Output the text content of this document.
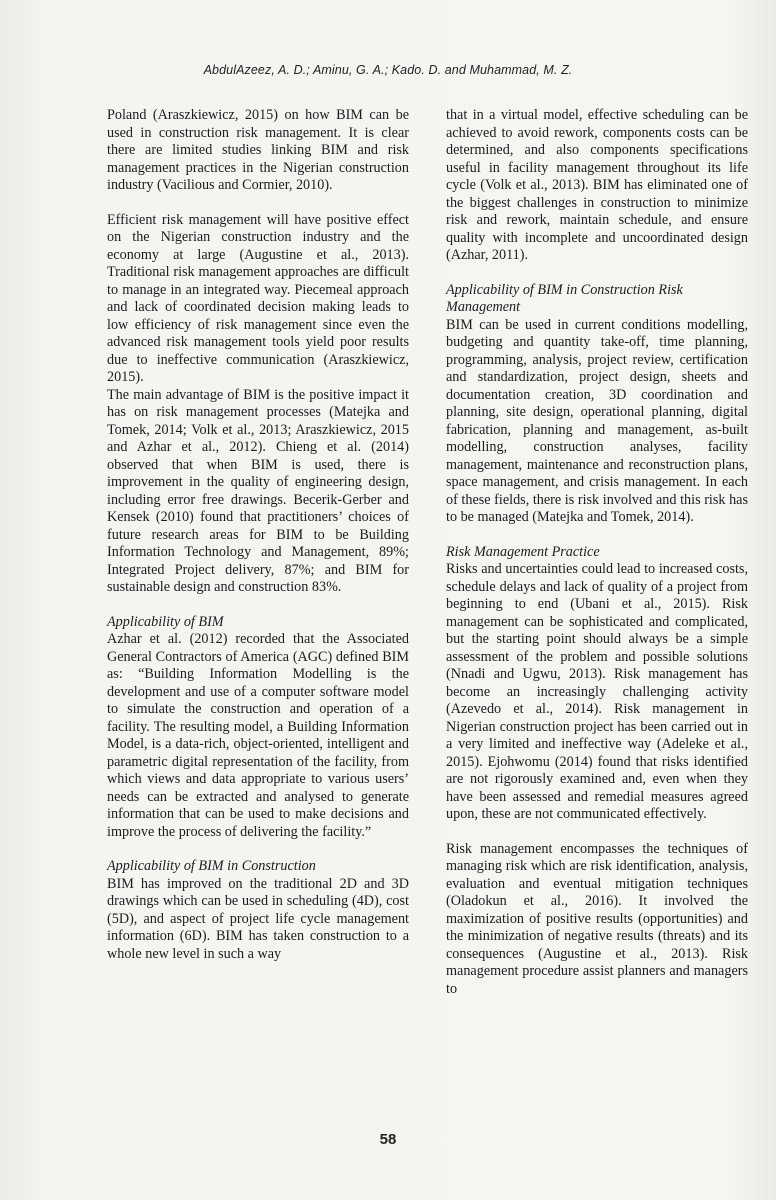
AbdulAzeez, A. D.; Aminu, G. A.; Kado. D. and Muhammad, M. Z.

Poland (Araszkiewicz, 2015) on how BIM can be used in construction risk management. It is clear there are limited studies linking BIM and risk management practices in the Nigerian construction industry (Vacilious and Cormier, 2010).

Efficient risk management will have positive effect on the Nigerian construction industry and the economy at large (Augustine et al., 2013). Traditional risk management approaches are difficult to manage in an integrated way. Piecemeal approach and lack of coordinated decision making leads to low efficiency of risk management since even the advanced risk management tools yield poor results due to ineffective communication (Araszkiewicz, 2015).

The main advantage of BIM is the positive impact it has on risk management processes (Matejka and Tomek, 2014; Volk et al., 2013; Araszkiewicz, 2015 and Azhar et al., 2012). Chieng et al. (2014) observed that when BIM is used, there is improvement in the quality of engineering design, including error free drawings. Becerik-Gerber and Kensek (2010) found that practitioners’ choices of future research areas for BIM to be Building Information Technology and Management, 89%; Integrated Project delivery, 87%; and BIM for sustainable design and construction 83%.

Applicability of BIM

Azhar et al. (2012) recorded that the Associated General Contractors of America (AGC) defined BIM as: “Building Information Modelling is the development and use of a computer software model to simulate the construction and operation of a facility. The resulting model, a Building Information Model, is a data-rich, object-oriented, intelligent and parametric digital representation of the facility, from which views and data appropriate to various users’ needs can be extracted and analysed to generate information that can be used to make decisions and improve the process of delivering the facility.”

Applicability of BIM in Construction

BIM has improved on the traditional 2D and 3D drawings which can be used in scheduling (4D), cost (5D), and aspect of project life cycle management information (6D). BIM has taken construction to a whole new level in such a way

that in a virtual model, effective scheduling can be achieved to avoid rework, components costs can be determined, and also components specifications useful in facility management throughout its life cycle (Volk et al., 2013). BIM has eliminated one of the biggest challenges in construction to minimize risk and rework, maintain schedule, and ensure quality with incomplete and uncoordinated design (Azhar, 2011).

Applicability of BIM in Construction Risk Management

BIM can be used in current conditions modelling, budgeting and quantity take-off, time planning, programming, analysis, project review, certification and standardization, project design, sheets and documentation creation, 3D coordination and planning, site design, operational planning, digital fabrication, planning and management, as-built modelling, construction analyses, facility management, maintenance and reconstruction plans, space management, and crisis management. In each of these fields, there is risk involved and this risk has to be managed (Matejka and Tomek, 2014).

Risk Management Practice

Risks and uncertainties could lead to increased costs, schedule delays and lack of quality of a project from beginning to end (Ubani et al., 2015). Risk management can be sophisticated and complicated, but the starting point should always be a simple assessment of the problem and possible solutions (Nnadi and Ugwu, 2013). Risk management has become an increasingly challenging activity (Azevedo et al., 2014). Risk management in Nigerian construction project has been carried out in a very limited and ineffective way (Adeleke et al., 2015). Ejohwomu (2014) found that risks identified are not rigorously examined and, even when they have been assessed and remedial measures agreed upon, these are not communicated effectively.

Risk management encompasses the techniques of managing risk which are risk identification, analysis, evaluation and eventual mitigation techniques (Oladokun et al., 2016). It involved the maximization of positive results (opportunities) and the minimization of negative results (threats) and its consequences (Augustine et al., 2013). Risk management procedure assist planners and managers to

58
